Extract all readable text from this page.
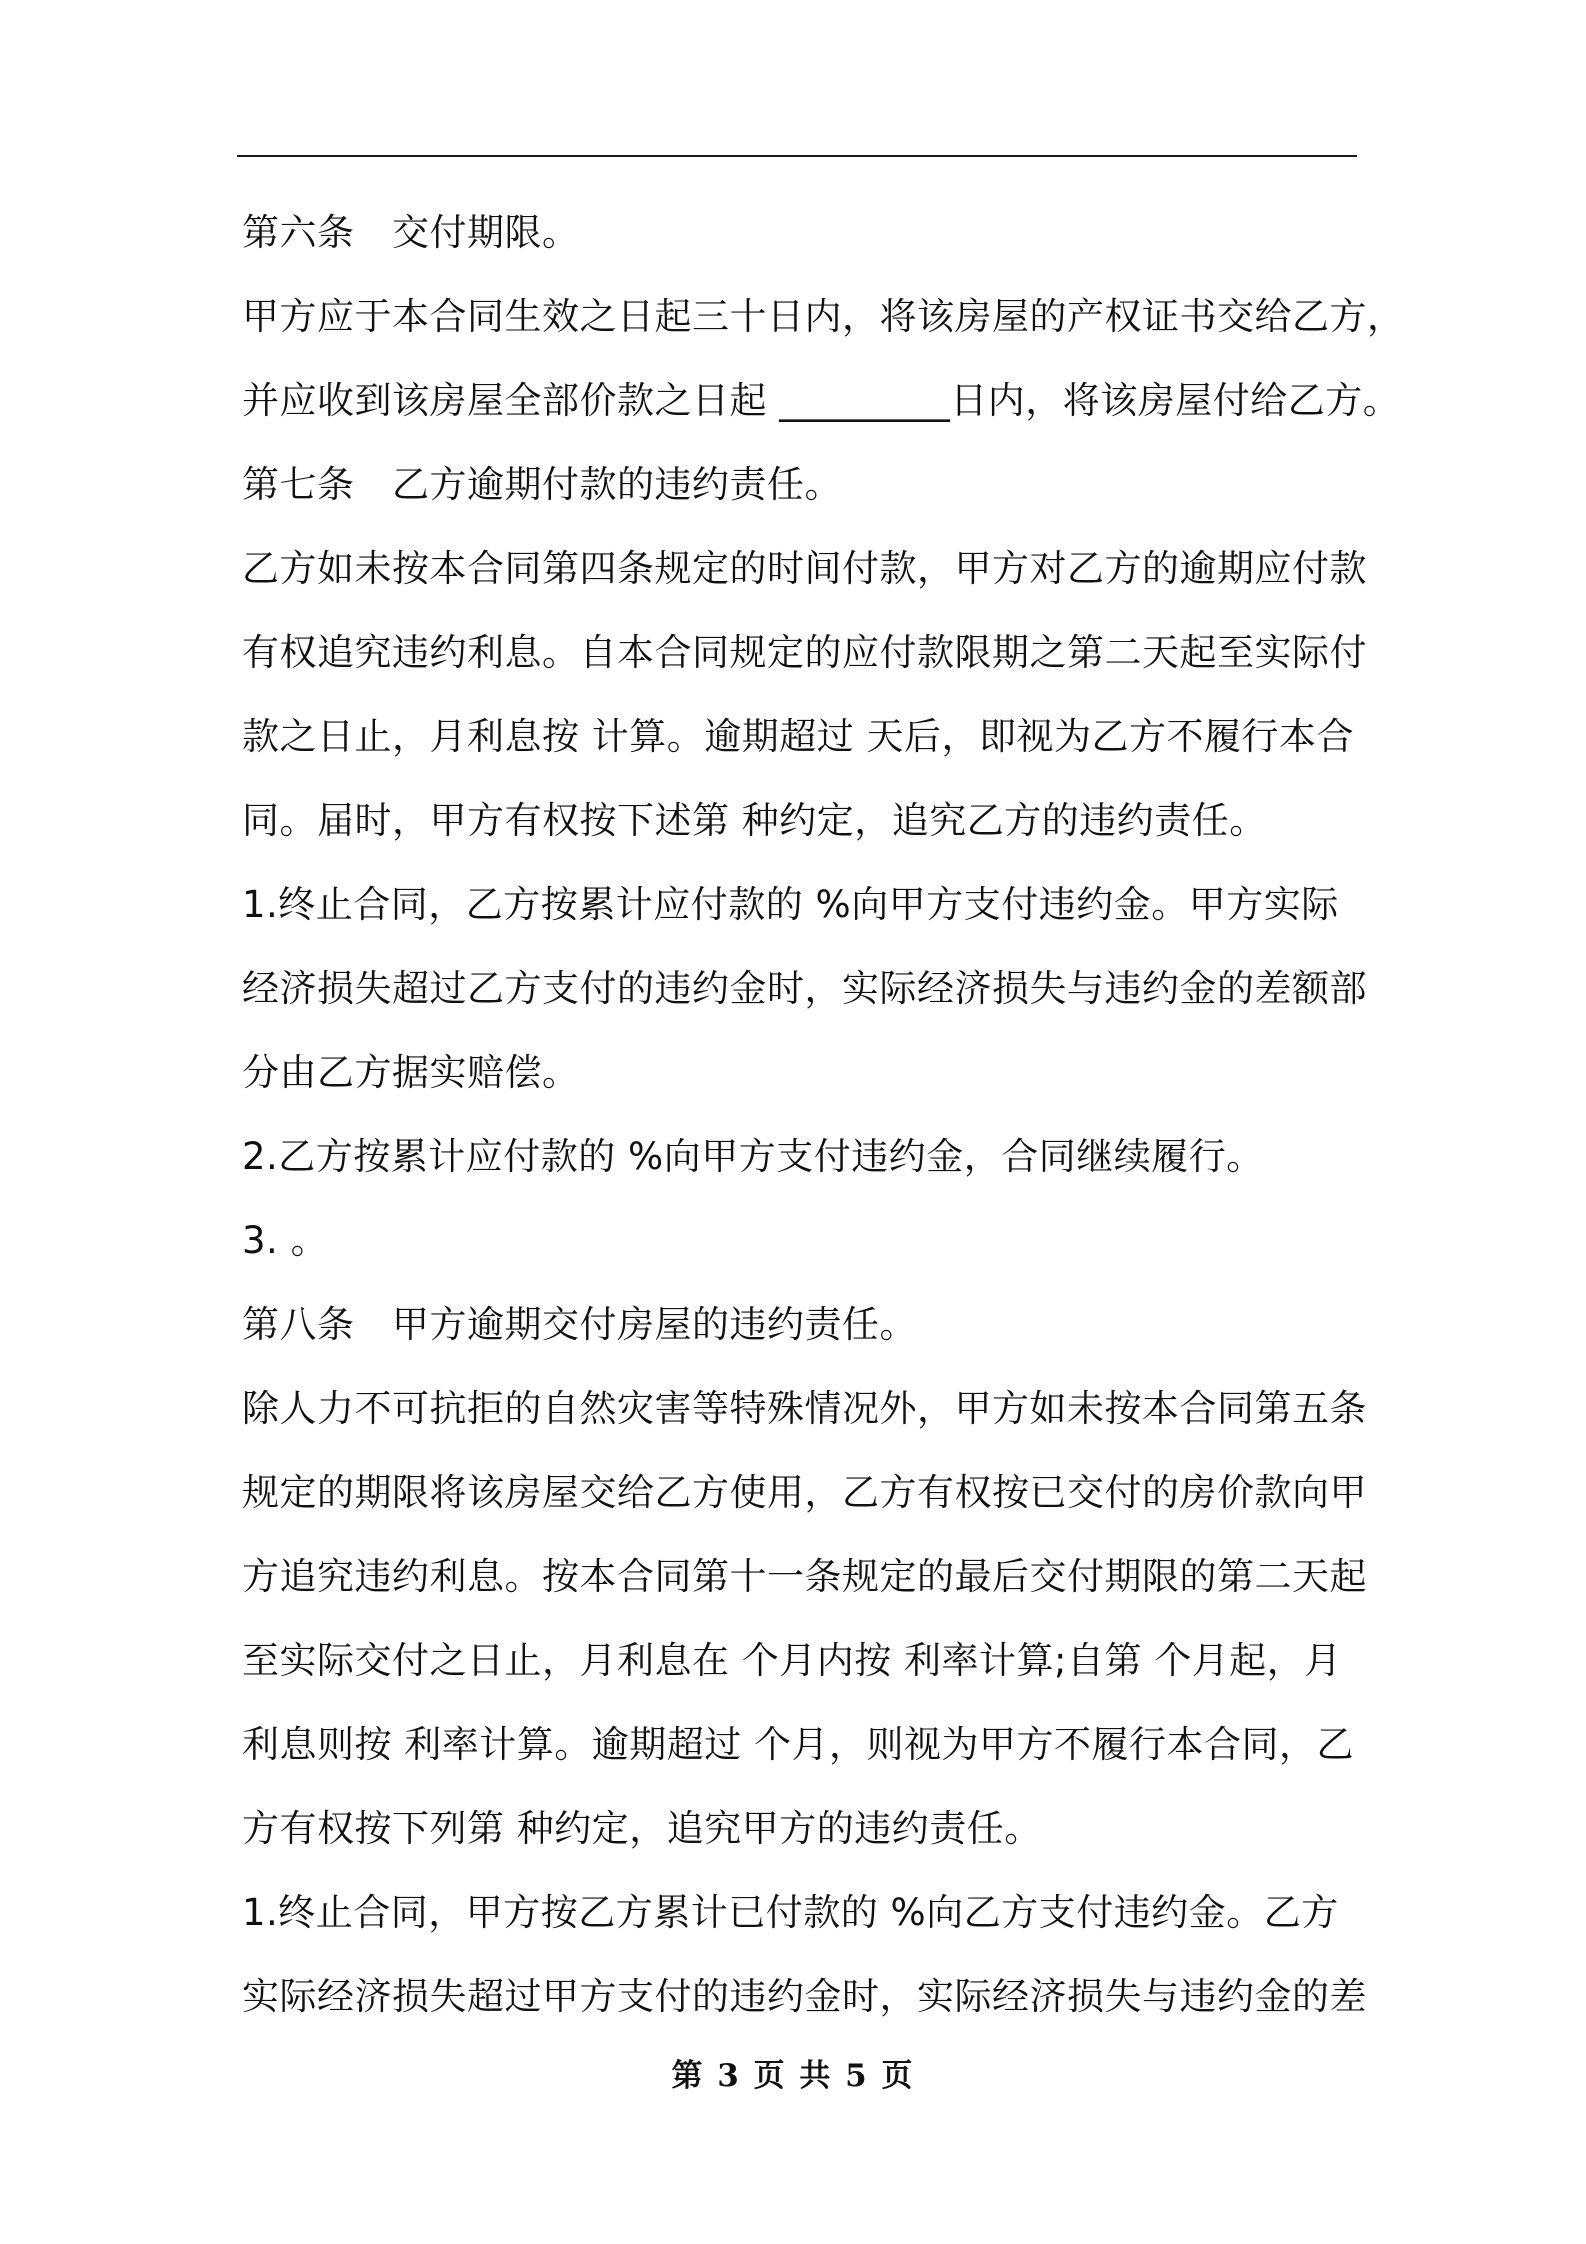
第六条　交付期限。
甲方应于本合同生效之日起三十日内，将该房屋的产权证书交给乙方，
并应收到该房屋全部价款之日起 _________日内，将该房屋付给乙方。
第七条　乙方逾期付款的违约责任。
乙方如未按本合同第四条规定的时间付款，甲方对乙方的逾期应付款
有权追究违约利息。自本合同规定的应付款限期之第二天起至实际付
款之日止，月利息按 计算。逾期超过 天后，即视为乙方不履行本合
同。届时，甲方有权按下述第 种约定，追究乙方的违约责任。
1.终止合同，乙方按累计应付款的 %向甲方支付违约金。甲方实际
经济损失超过乙方支付的违约金时，实际经济损失与违约金的差额部
分由乙方据实赔偿。
2.乙方按累计应付款的 %向甲方支付违约金，合同继续履行。
3. 。
第八条　甲方逾期交付房屋的违约责任。
除人力不可抗拒的自然灾害等特殊情况外，甲方如未按本合同第五条
规定的期限将该房屋交给乙方使用，乙方有权按已交付的房价款向甲
方追究违约利息。按本合同第十一条规定的最后交付期限的第二天起
至实际交付之日止，月利息在 个月内按 利率计算;自第 个月起，月
利息则按 利率计算。逾期超过 个月，则视为甲方不履行本合同，乙
方有权按下列第 种约定，追究甲方的违约责任。
1.终止合同，甲方按乙方累计已付款的 %向乙方支付违约金。乙方
实际经济损失超过甲方支付的违约金时，实际经济损失与违约金的差
第 3 页 共 5 页
